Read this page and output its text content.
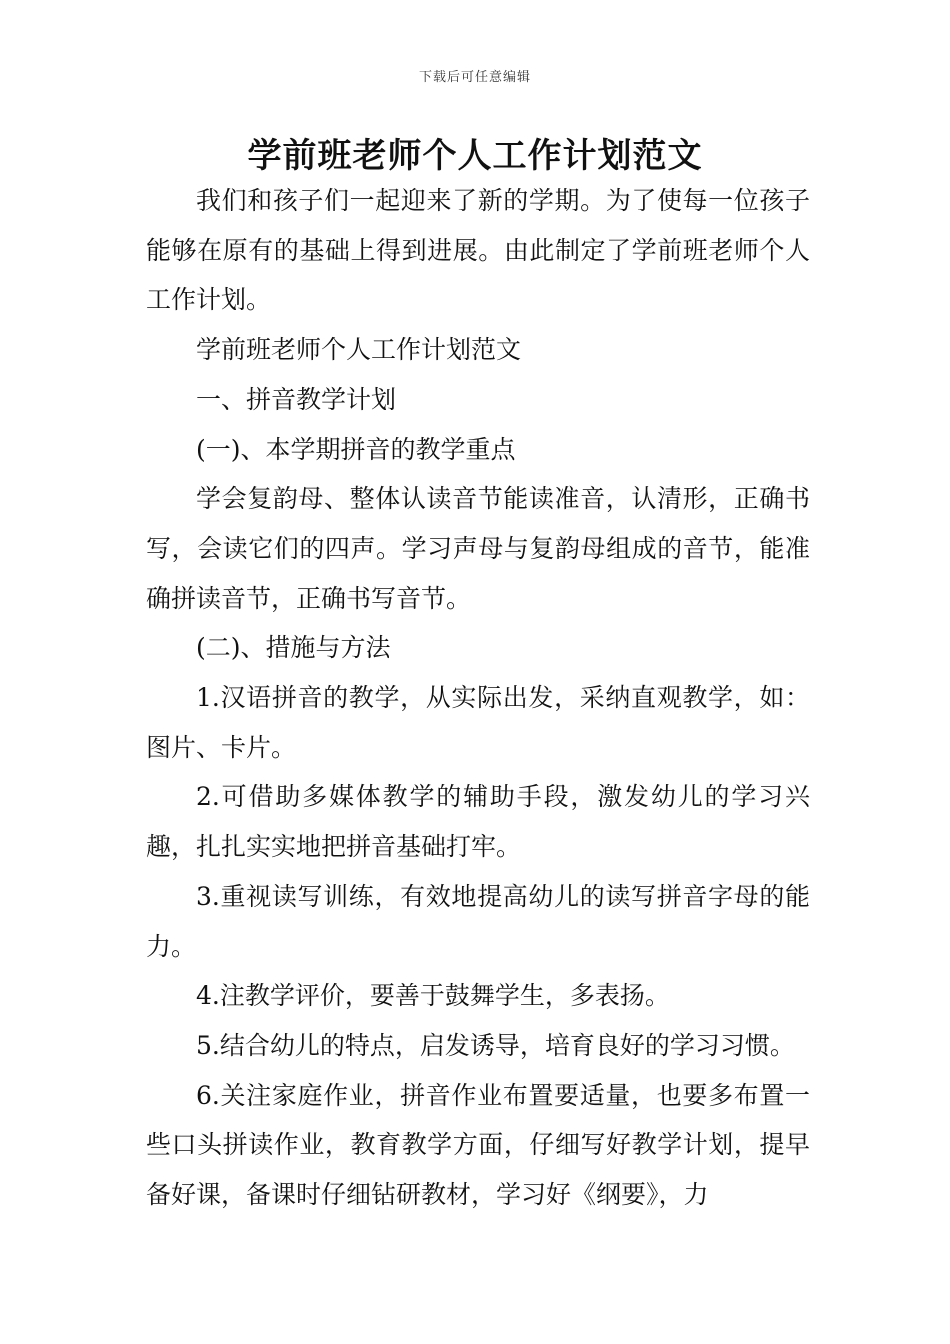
下载后可任意编辑
学前班老师个人工作计划范文

我们和孩子们一起迎来了新的学期。为了使每一位孩子能够在原有的基础上得到进展。由此制定了学前班老师个人工作计划。

学前班老师个人工作计划范文

一、拼音教学计划

(一)、本学期拼音的教学重点

学会复韵母、整体认读音节能读准音，认清形，正确书写，会读它们的四声。学习声母与复韵母组成的音节，能准确拼读音节，正确书写音节。

(二)、措施与方法

1.汉语拼音的教学，从实际出发，采纳直观教学，如：图片、卡片。

2.可借助多媒体教学的辅助手段，激发幼儿的学习兴趣，扎扎实实地把拼音基础打牢。

3.重视读写训练，有效地提高幼儿的读写拼音字母的能力。

4.注教学评价，要善于鼓舞学生，多表扬。

5.结合幼儿的特点，启发诱导，培育良好的学习习惯。

6.关注家庭作业，拼音作业布置要适量，也要多布置一些口头拼读作业，教育教学方面，仔细写好教学计划，提早备好课，备课时仔细钻研教材，学习好《纲要》，力
